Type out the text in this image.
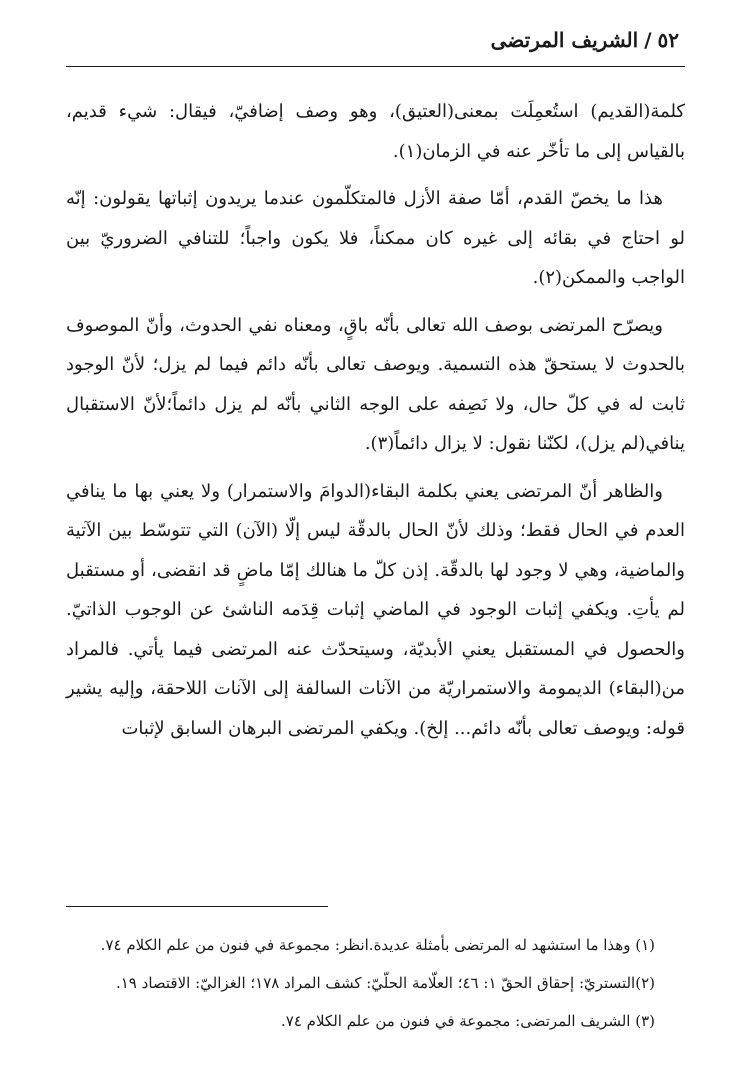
٥٢/الشريف المرتضى

كلمة(القديم) استُعمِلَت بمعنى(العتيق)، وهو وصف إضافيّ، فيقال: شيء قديم، بالقياس إلى ما تأخّر عنه في الزمان(١).

هذا ما يخصّ القدم، أمّا صفة الأزل فالمتكلّمون عندما يريدون إثباتها يقولون: إنّه لو احتاج في بقائه إلى غيره كان ممكناً، فلا يكون واجباً؛ للتنافي الضروريّ بين الواجب والممكن(٢).

ويصرّح المرتضى بوصف الله تعالى بأنّه باقٍ، ومعناه نفي الحدوث، وأنّ الموصوف بالحدوث لا يستحقّ هذه التسمية. ويوصف تعالى بأنّه دائم فيما لم يزل؛ لأنّ الوجود ثابت له في كلّ حال، ولا نَصِفه على الوجه الثاني بأنّه لم يزل دائماً؛لأنّ الاستقبال ينافي(لم يزل)، لكنّنا نقول: لا يزال دائماً(٣).

والظاهر أنّ المرتضى يعني بكلمة البقاء(الدوامَ والاستمرار) ولا يعني بها ما ينافي العدم في الحال فقط؛ وذلك لأنّ الحال بالدقّة ليس إلّا (الآن) التي تتوسّط بين الآتية والماضية، وهي لا وجود لها بالدقّة. إذن كلّ ما هنالك إمّا ماضٍ قد انقضى، أو مستقبل لم يأتِ. ويكفي إثبات الوجود في الماضي إثبات قِدَمه الناشئ عن الوجوب الذاتيّ. والحصول في المستقبل يعني الأبديّة، وسيتحدّث عنه المرتضى فيما يأتي. فالمراد من(البقاء) الديمومة والاستمراريّة من الآنات السالفة إلى الآنات اللاحقة، وإليه يشير قوله: ويوصف تعالى بأنّه دائم... إلخ). ويكفي المرتضى البرهان السابق لإثبات

(١) وهذا ما استشهد له المرتضى بأمثلة عديدة.انظر: مجموعة في فنون من علم الكلام ٧٤.
(٢)التستريّ: إحقاق الحقّ ١: ٤٦؛ العلّامة الحلّيّ: كشف المراد ١٧٨؛ الغزاليّ: الاقتصاد ١٩.
(٣) الشريف المرتضى: مجموعة في فنون من علم الكلام ٧٤.
